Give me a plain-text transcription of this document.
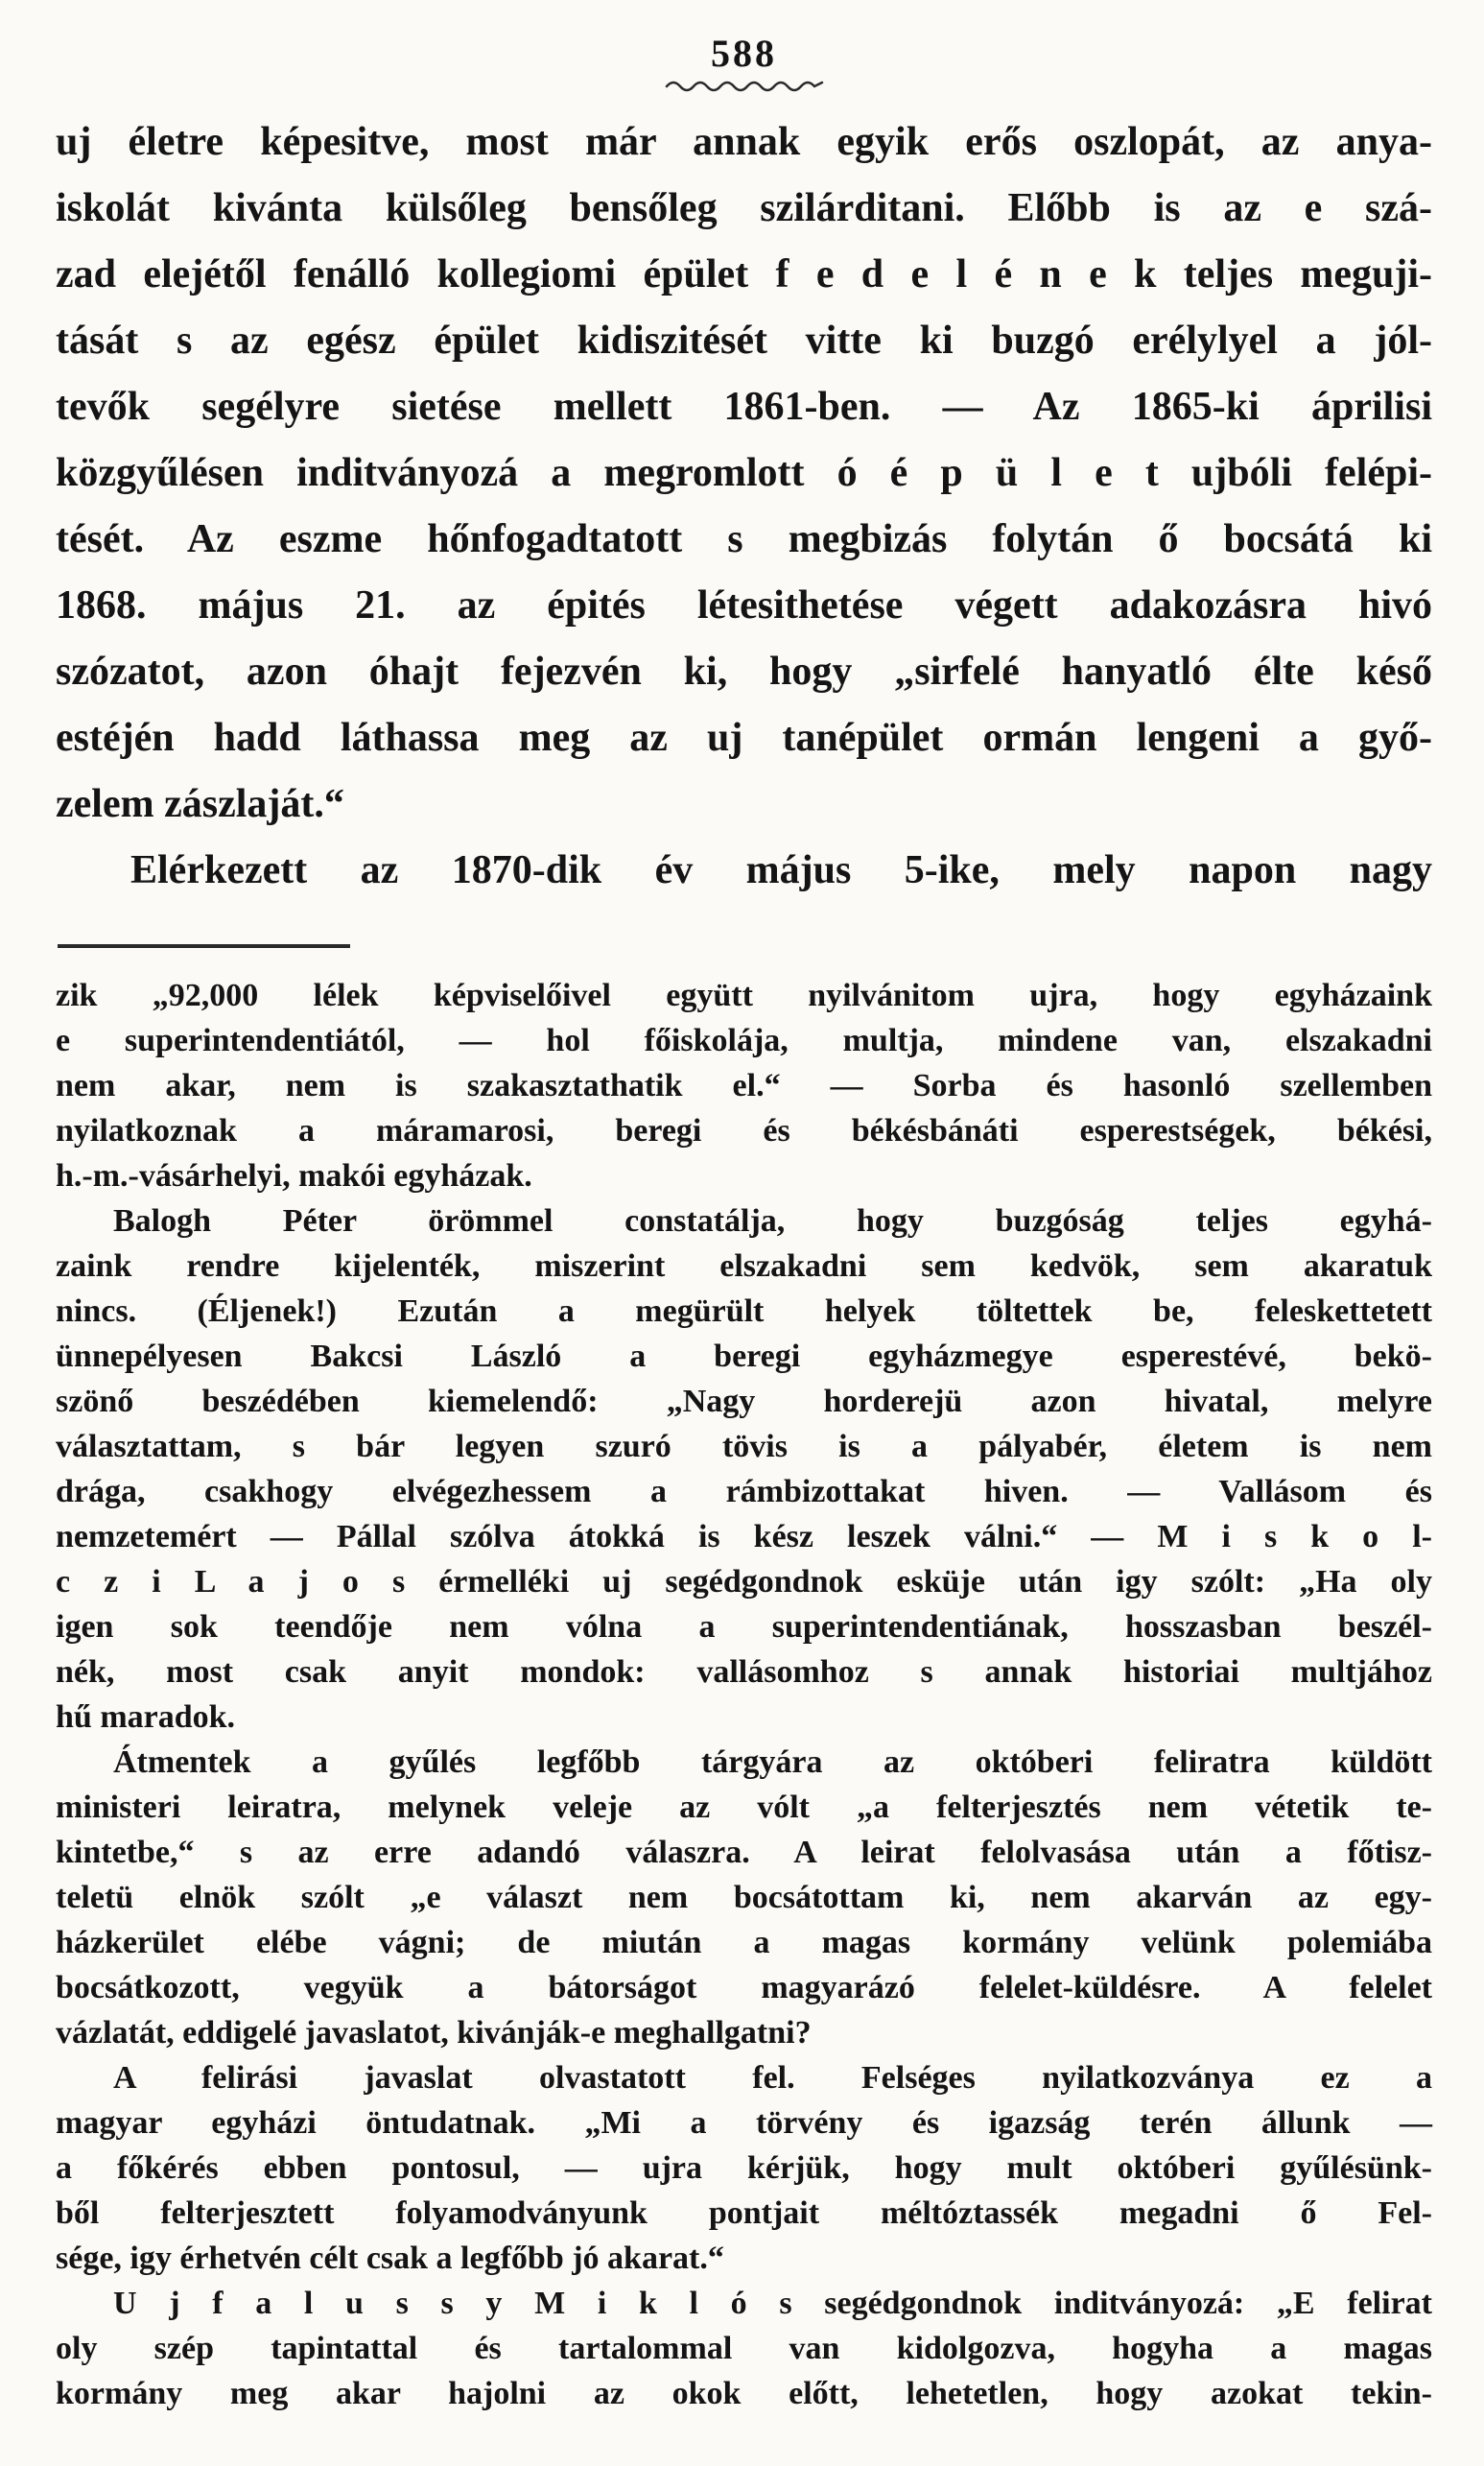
588
uj életre képesitve, most már annak egyik erős oszlopát, az anya-
iskolát kivánta külsőleg bensőleg szilárditani. Előbb is az e szá-
zad elejétől fenálló kollegiomi épület f e d e l é n e k teljes meguji-
tását s az egész épület kidiszitését vitte ki buzgó erélylyel a jól-
tevők segélyre sietése mellett 1861-ben. — Az 1865-ki áprilisi
közgyűlésen inditványozá a megromlott ó é p ü l e t ujbóli felépi-
tését. Az eszme hőnfogadtatott s megbizás folytán ő bocsátá ki
1868. május 21. az épités létesithetése végett adakozásra hivó
szózatot, azon óhajt fejezvén ki, hogy „sirfelé hanyatló élte késő
estéjén hadd láthassa meg az uj tanépület ormán lengeni a győ-
zelem zászlaját.“
Elérkezett az 1870-dik év május 5-ike, mely napon nagy
zik „92,000 lélek képviselőivel együtt nyilvánitom ujra, hogy egyházaink
e superintendentiától, — hol főiskolája, multja, mindene van, elszakadni
nem akar, nem is szakasztathatik el.“ — Sorba és hasonló szellemben
nyilatkoznak a máramarosi, beregi és békésbánáti esperestségek, békési,
h.-m.-vásárhelyi, makói egyházak.
Balogh Péter örömmel constatálja, hogy buzgóság teljes egyhá-
zaink rendre kijelenték, miszerint elszakadni sem kedvök, sem akaratuk
nincs. (Éljenek!) Ezután a megürült helyek töltettek be, feleskettetett
ünnepélyesen Bakcsi László a beregi egyházmegye esperestévé, bekö-
szönő beszédében kiemelendő: „Nagy horderejü azon hivatal, melyre
választattam, s bár legyen szuró tövis is a pályabér, életem is nem
drága, csakhogy elvégezhessem a rámbizottakat hiven. — Vallásom és
nemzetemért — Pállal szólva átokká is kész leszek válni.“ — M i s k o l-
c z i L a j o s érmelléki uj segédgondnok esküje után igy szólt: „Ha oly
igen sok teendője nem vólna a superintendentiának, hosszasban beszél-
nék, most csak anyit mondok: vallásomhoz s annak historiai multjához
hű maradok.
Átmentek a gyűlés legfőbb tárgyára az októberi feliratra küldött
ministeri leiratra, melynek veleje az vólt „a felterjesztés nem vétetik te-
kintetbe,“ s az erre adandó válaszra. A leirat felolvasása után a főtisz-
teletü elnök szólt „e választ nem bocsátottam ki, nem akarván az egy-
házkerület elébe vágni; de miután a magas kormány velünk polemiába
bocsátkozott, vegyük a bátorságot magyarázó felelet-küldésre. A felelet
vázlatát, eddigelé javaslatot, kivánják-e meghallgatni?
A felirási javaslat olvastatott fel. Felséges nyilatkozványa ez a
magyar egyházi öntudatnak. „Mi a törvény és igazság terén állunk —
a főkérés ebben pontosul, — ujra kérjük, hogy mult októberi gyűlésünk-
ből felterjesztett folyamodványunk pontjait méltóztassék megadni ő Fel-
sége, igy érhetvén célt csak a legfőbb jó akarat.“
U j f a l u s s y M i k l ó s segédgondnok inditványozá: „E felirat
oly szép tapintattal és tartalommal van kidolgozva, hogyha a magas
kormány meg akar hajolni az okok előtt, lehetetlen, hogy azokat tekin-
